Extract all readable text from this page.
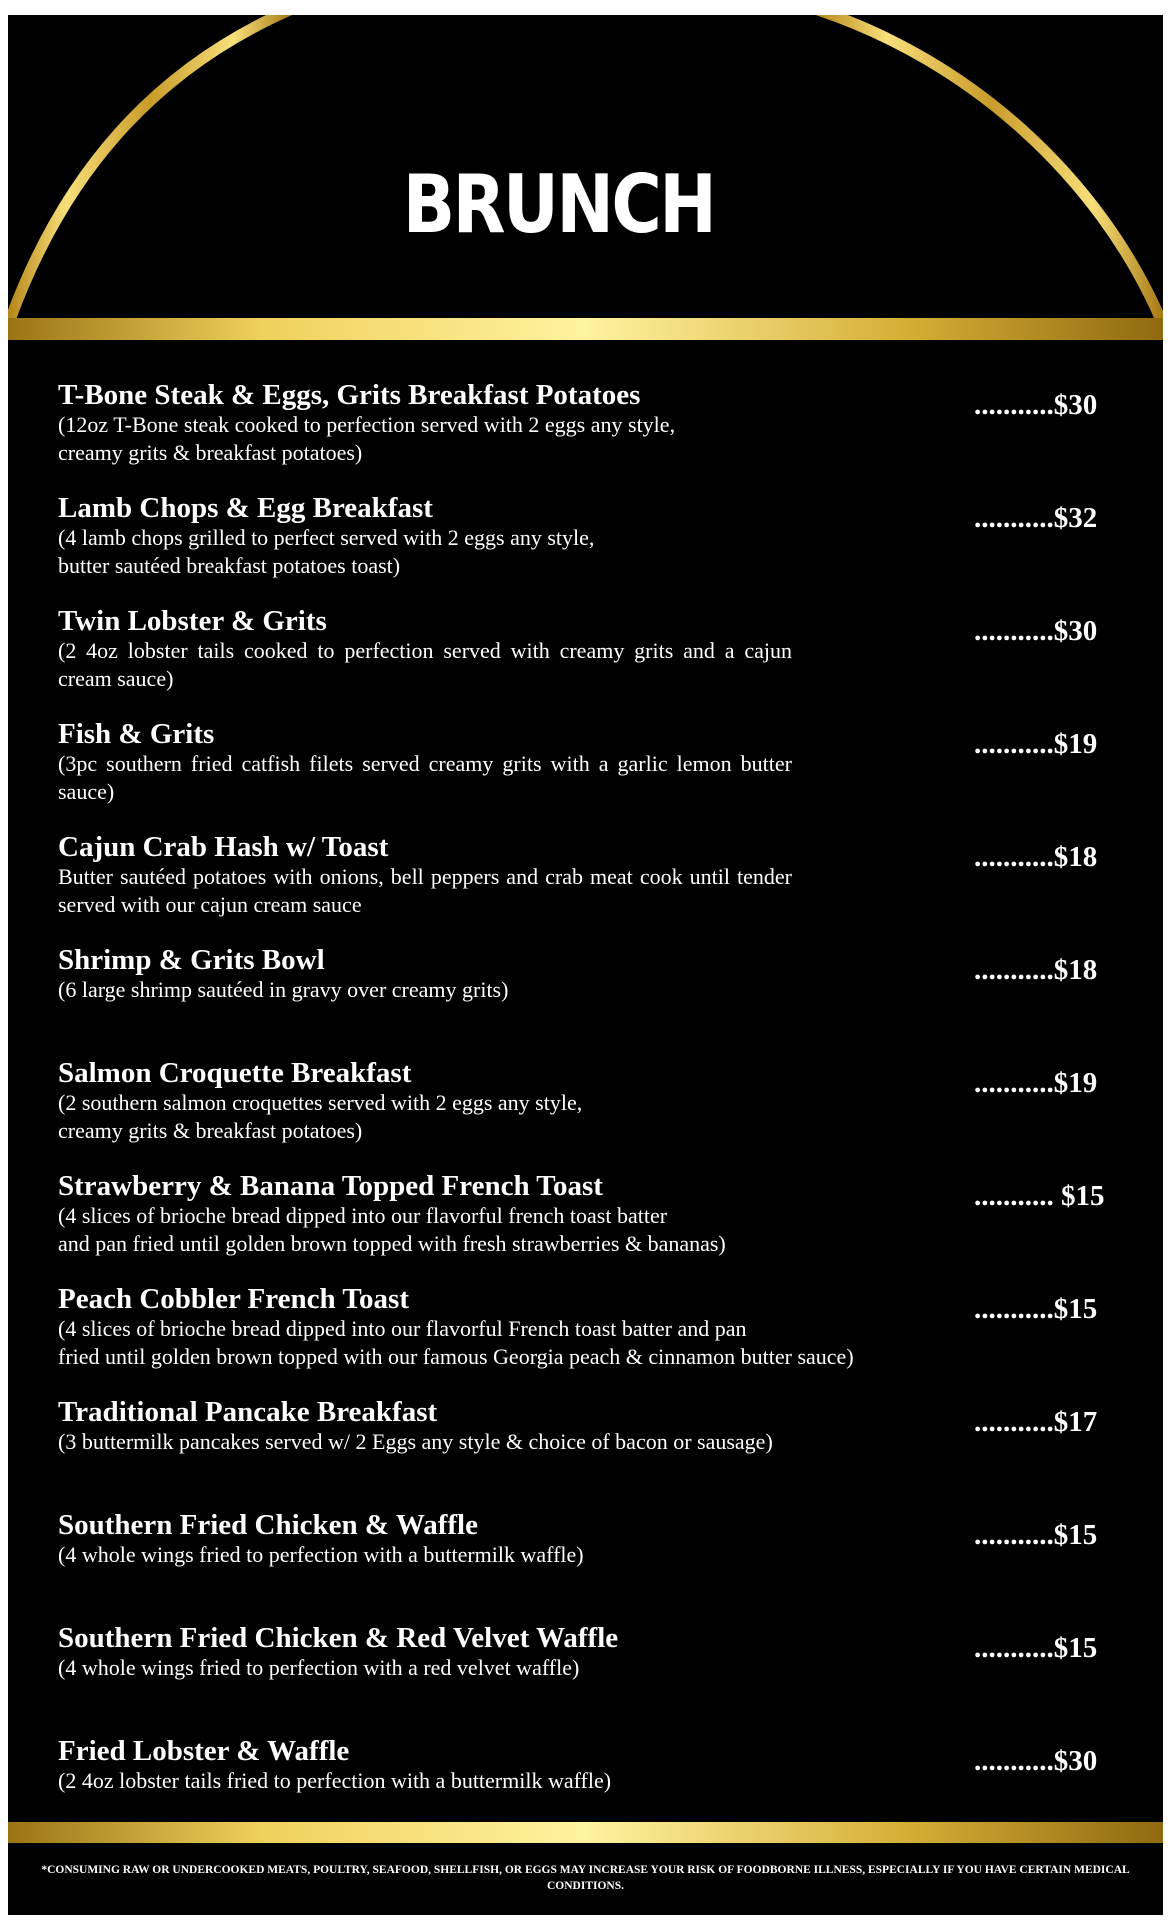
BRUNCH
T-Bone Steak & Eggs, Grits Breakfast Potatoes
(12oz T-Bone steak cooked to perfection served with 2 eggs any style,
creamy grits & breakfast potatoes)
...........$30
Lamb Chops & Egg Breakfast
(4 lamb chops grilled to perfect served with 2 eggs any style,
butter sautéed breakfast potatoes toast)
...........$32
Twin Lobster & Grits
(2 4oz lobster tails cooked to perfection served with creamy grits and a cajun cream sauce)
...........$30
Fish & Grits
(3pc southern fried catfish filets served creamy grits with a garlic lemon butter sauce)
...........$19
Cajun Crab Hash w/ Toast
Butter sautéed potatoes with onions, bell peppers and crab meat cook until tender served with our cajun cream sauce
...........$18
Shrimp & Grits Bowl
(6 large shrimp sautéed in gravy over creamy grits)
...........$18
Salmon Croquette Breakfast
(2 southern salmon croquettes served with 2 eggs any style,
creamy grits & breakfast potatoes)
...........$19
Strawberry & Banana Topped French Toast
(4 slices of brioche bread dipped into our flavorful french toast batter
and pan fried until golden brown topped with fresh strawberries & bananas)
........... $15
Peach Cobbler French Toast
(4 slices of brioche bread dipped into our flavorful French toast batter and pan
fried until golden brown topped with our famous Georgia peach & cinnamon butter sauce)
...........$15
Traditional Pancake Breakfast
(3 buttermilk pancakes served w/ 2 Eggs any style & choice of bacon or sausage)
...........$17
Southern Fried Chicken & Waffle
(4 whole wings fried to perfection with a buttermilk waffle)
...........$15
Southern Fried Chicken & Red Velvet Waffle
(4 whole wings fried to perfection with a red velvet waffle)
...........$15
Fried Lobster & Waffle
(2 4oz lobster tails fried to perfection with a buttermilk waffle)
...........$30
*CONSUMING RAW OR UNDERCOOKED MEATS, POULTRY, SEAFOOD, SHELLFISH, OR EGGS MAY INCREASE YOUR RISK OF FOODBORNE ILLNESS, ESPECIALLY IF YOU HAVE CERTAIN MEDICAL CONDITIONS.
